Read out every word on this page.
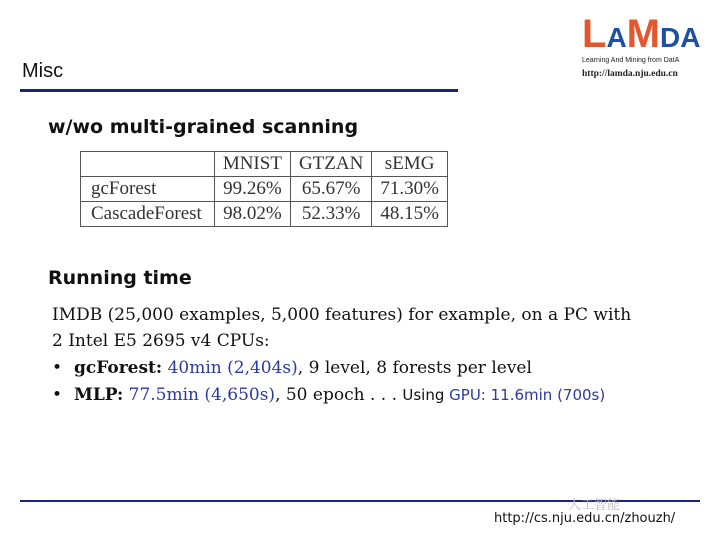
Misc
LAMDA
Learning And Mining from DatA
http://lamda.nju.edu.cn
w/wo multi-grained scanning
	MNIST	GTZAN	sEMG
gcForest	99.26%	65.67%	71.30%
CascadeForest	98.02%	52.33%	48.15%
Running time
IMDB (25,000 examples, 5,000 features) for example, on a PC with
2 Intel E5 2695 v4 CPUs:
• gcForest: 40min (2,404s), 9 level, 8 forests per level
• MLP: 77.5min (4,650s), 50 epoch . . . Using GPU: 11.6min (700s)
人工智能
http://cs.nju.edu.cn/zhouzh/
